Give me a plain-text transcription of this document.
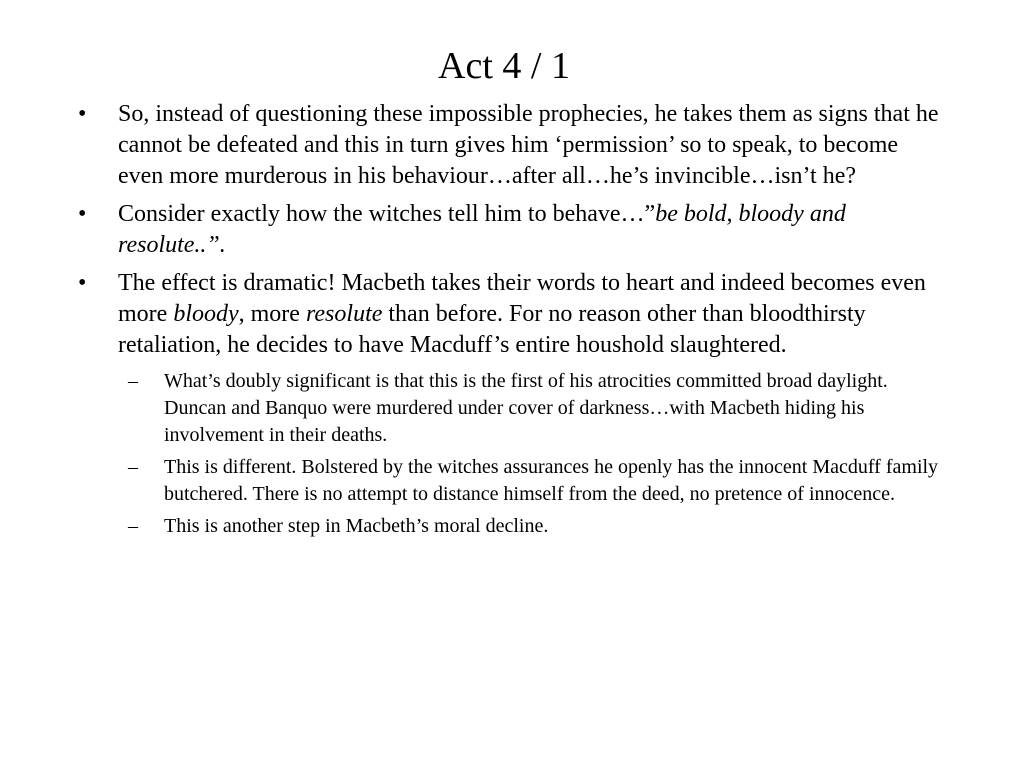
Act 4 / 1
• So, instead of questioning these impossible prophecies, he takes them as signs that he cannot be defeated and this in turn gives him ‘permission’ so to speak, to become even more murderous in his behaviour…after all…he’s invincible…isn’t he?
• Consider exactly how the witches tell him to behave…”be bold, bloody and resolute..”.
• The effect is dramatic! Macbeth takes their words to heart and indeed becomes even more bloody, more resolute than before. For no reason other than bloodthirsty retaliation, he decides to have Macduff’s entire houshold slaughtered.
– What’s doubly significant is that this is the first of his atrocities committed broad daylight. Duncan and Banquo were murdered under cover of darkness…with Macbeth hiding his involvement in their deaths.
– This is different. Bolstered by the witches assurances he openly has the innocent Macduff family butchered. There is no attempt to distance himself from the deed, no pretence of innocence.
– This is another step in Macbeth’s moral decline.
